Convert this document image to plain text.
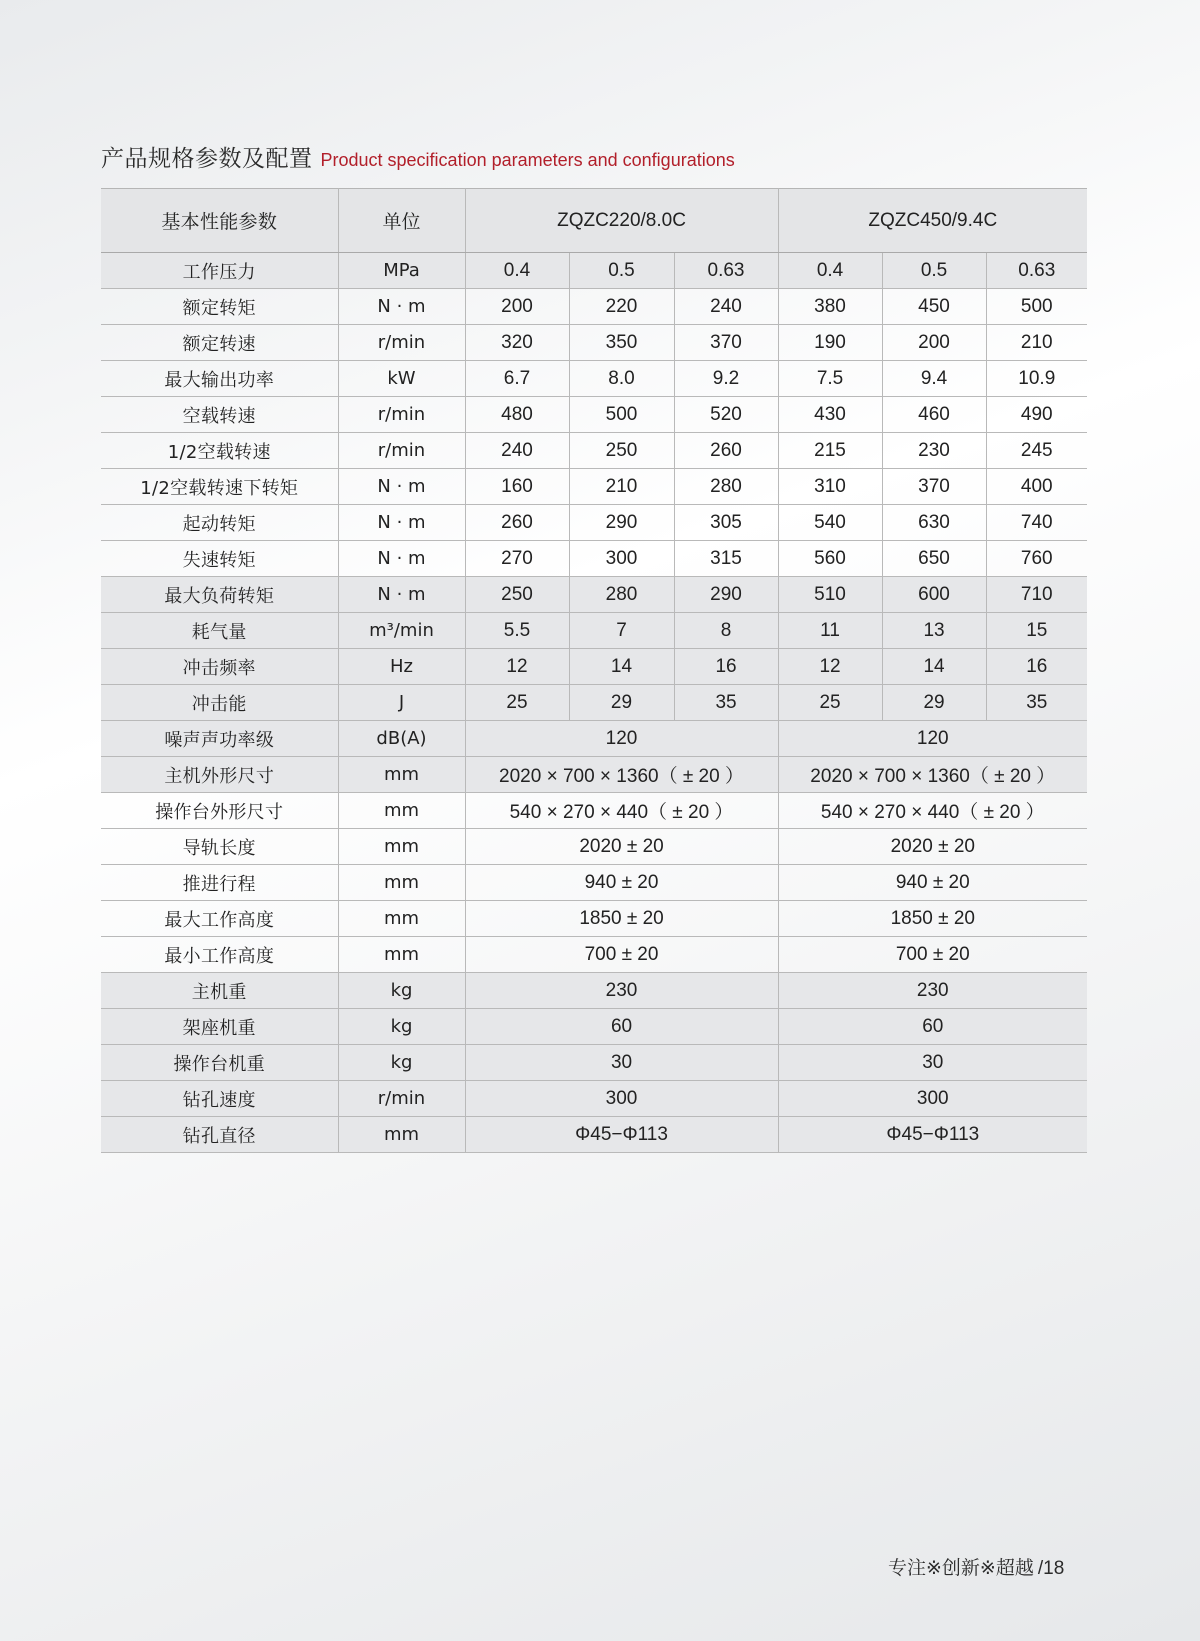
产品规格参数及配置 Product specification parameters and configurations
基本性能参数	单位	ZQZC220/8.0C			ZQZC450/9.4C		
工作压力	MPa	0.4	0.5	0.63	0.4	0.5	0.63
额定转矩	N · m	200	220	240	380	450	500
额定转速	r/min	320	350	370	190	200	210
最大输出功率	kW	6.7	8.0	9.2	7.5	9.4	10.9
空载转速	r/min	480	500	520	430	460	490
1/2空载转速	r/min	240	250	260	215	230	245
1/2空载转速下转矩	N · m	160	210	280	310	370	400
起动转矩	N · m	260	290	305	540	630	740
失速转矩	N · m	270	300	315	560	650	760
最大负荷转矩	N · m	250	280	290	510	600	710
耗气量	m³/min	5.5	7	8	11	13	15
冲击频率	Hz	12	14	16	12	14	16
冲击能	J	25	29	35	25	29	35
噪声声功率级	dB(A)	120			120		
主机外形尺寸	mm	2020 × 700 × 1360（ ± 20 ）			2020 × 700 × 1360（ ± 20 ）		
操作台外形尺寸	mm	540 × 270 × 440（ ± 20 ）			540 × 270 × 440（ ± 20 ）		
导轨长度	mm	2020 ± 20			2020 ± 20		
推进行程	mm	940 ± 20			940 ± 20		
最大工作高度	mm	1850 ± 20			1850 ± 20		
最小工作高度	mm	700 ± 20			700 ± 20		
主机重	kg	230			230		
架座机重	kg	60			60		
操作台机重	kg	30			30		
钻孔速度	r/min	300			300		
钻孔直径	mm	Φ45−Φ113			Φ45−Φ113		
专注※创新※超越 /18
